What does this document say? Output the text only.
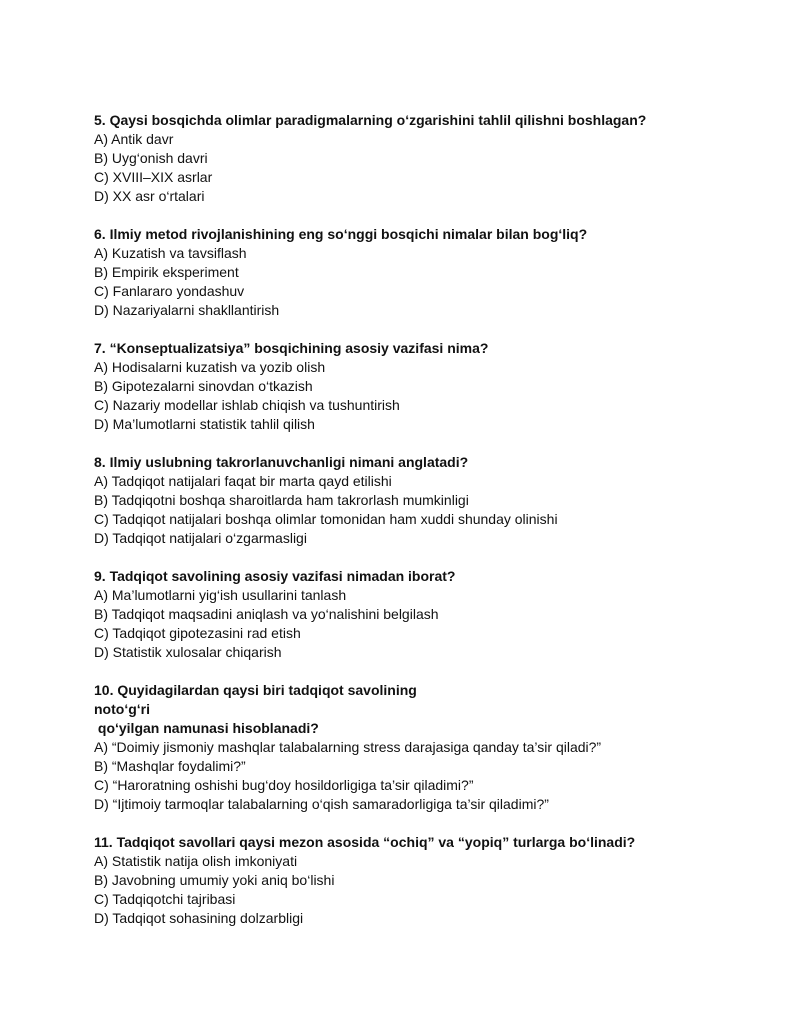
5. Qaysi bosqichda olimlar paradigmalarning o‘zgarishini tahlil qilishni boshlagan?
A) Antik davr
B) Uyg‘onish davri
C) XVIII–XIX asrlar
D) XX asr o‘rtalari
6. Ilmiy metod rivojlanishining eng so‘nggi bosqichi nimalar bilan bog‘liq?
A) Kuzatish va tavsiflash
B) Empirik eksperiment
C) Fanlararo yondashuv
D) Nazariyalarni shakllantirish
7. “Konseptualizatsiya” bosqichining asosiy vazifasi nima?
A) Hodisalarni kuzatish va yozib olish
B) Gipotezalarni sinovdan o‘tkazish
C) Nazariy modellar ishlab chiqish va tushuntirish
D) Ma’lumotlarni statistik tahlil qilish
8. Ilmiy uslubning takrorlanuvchanligi nimani anglatadi?
A) Tadqiqot natijalari faqat bir marta qayd etilishi
B) Tadqiqotni boshqa sharoitlarda ham takrorlash mumkinligi
C) Tadqiqot natijalari boshqa olimlar tomonidan ham xuddi shunday olinishi
D) Tadqiqot natijalari o‘zgarmasligi
9. Tadqiqot savolining asosiy vazifasi nimadan iborat?
A) Ma’lumotlarni yig‘ish usullarini tanlash
B) Tadqiqot maqsadini aniqlash va yo‘nalishini belgilash
C) Tadqiqot gipotezasini rad etish
D) Statistik xulosalar chiqarish
10. Quyidagilardan qaysi biri tadqiqot savolining
noto‘g‘ri
qo‘yilgan namunasi hisoblanadi?
A) “Doimiy jismoniy mashqlar talabalarning stress darajasiga qanday ta’sir qiladi?”
B) “Mashqlar foydalimi?”
C) “Haroratning oshishi bug‘doy hosildorligiga ta’sir qiladimi?”
D) “Ijtimoiy tarmoqlar talabalarning o‘qish samaradorligiga ta’sir qiladimi?”
11. Tadqiqot savollari qaysi mezon asosida “ochiq” va “yopiq” turlarga bo‘linadi?
A) Statistik natija olish imkoniyati
B) Javobning umumiy yoki aniq bo‘lishi
C) Tadqiqotchi tajribasi
D) Tadqiqot sohasining dolzarbligi
